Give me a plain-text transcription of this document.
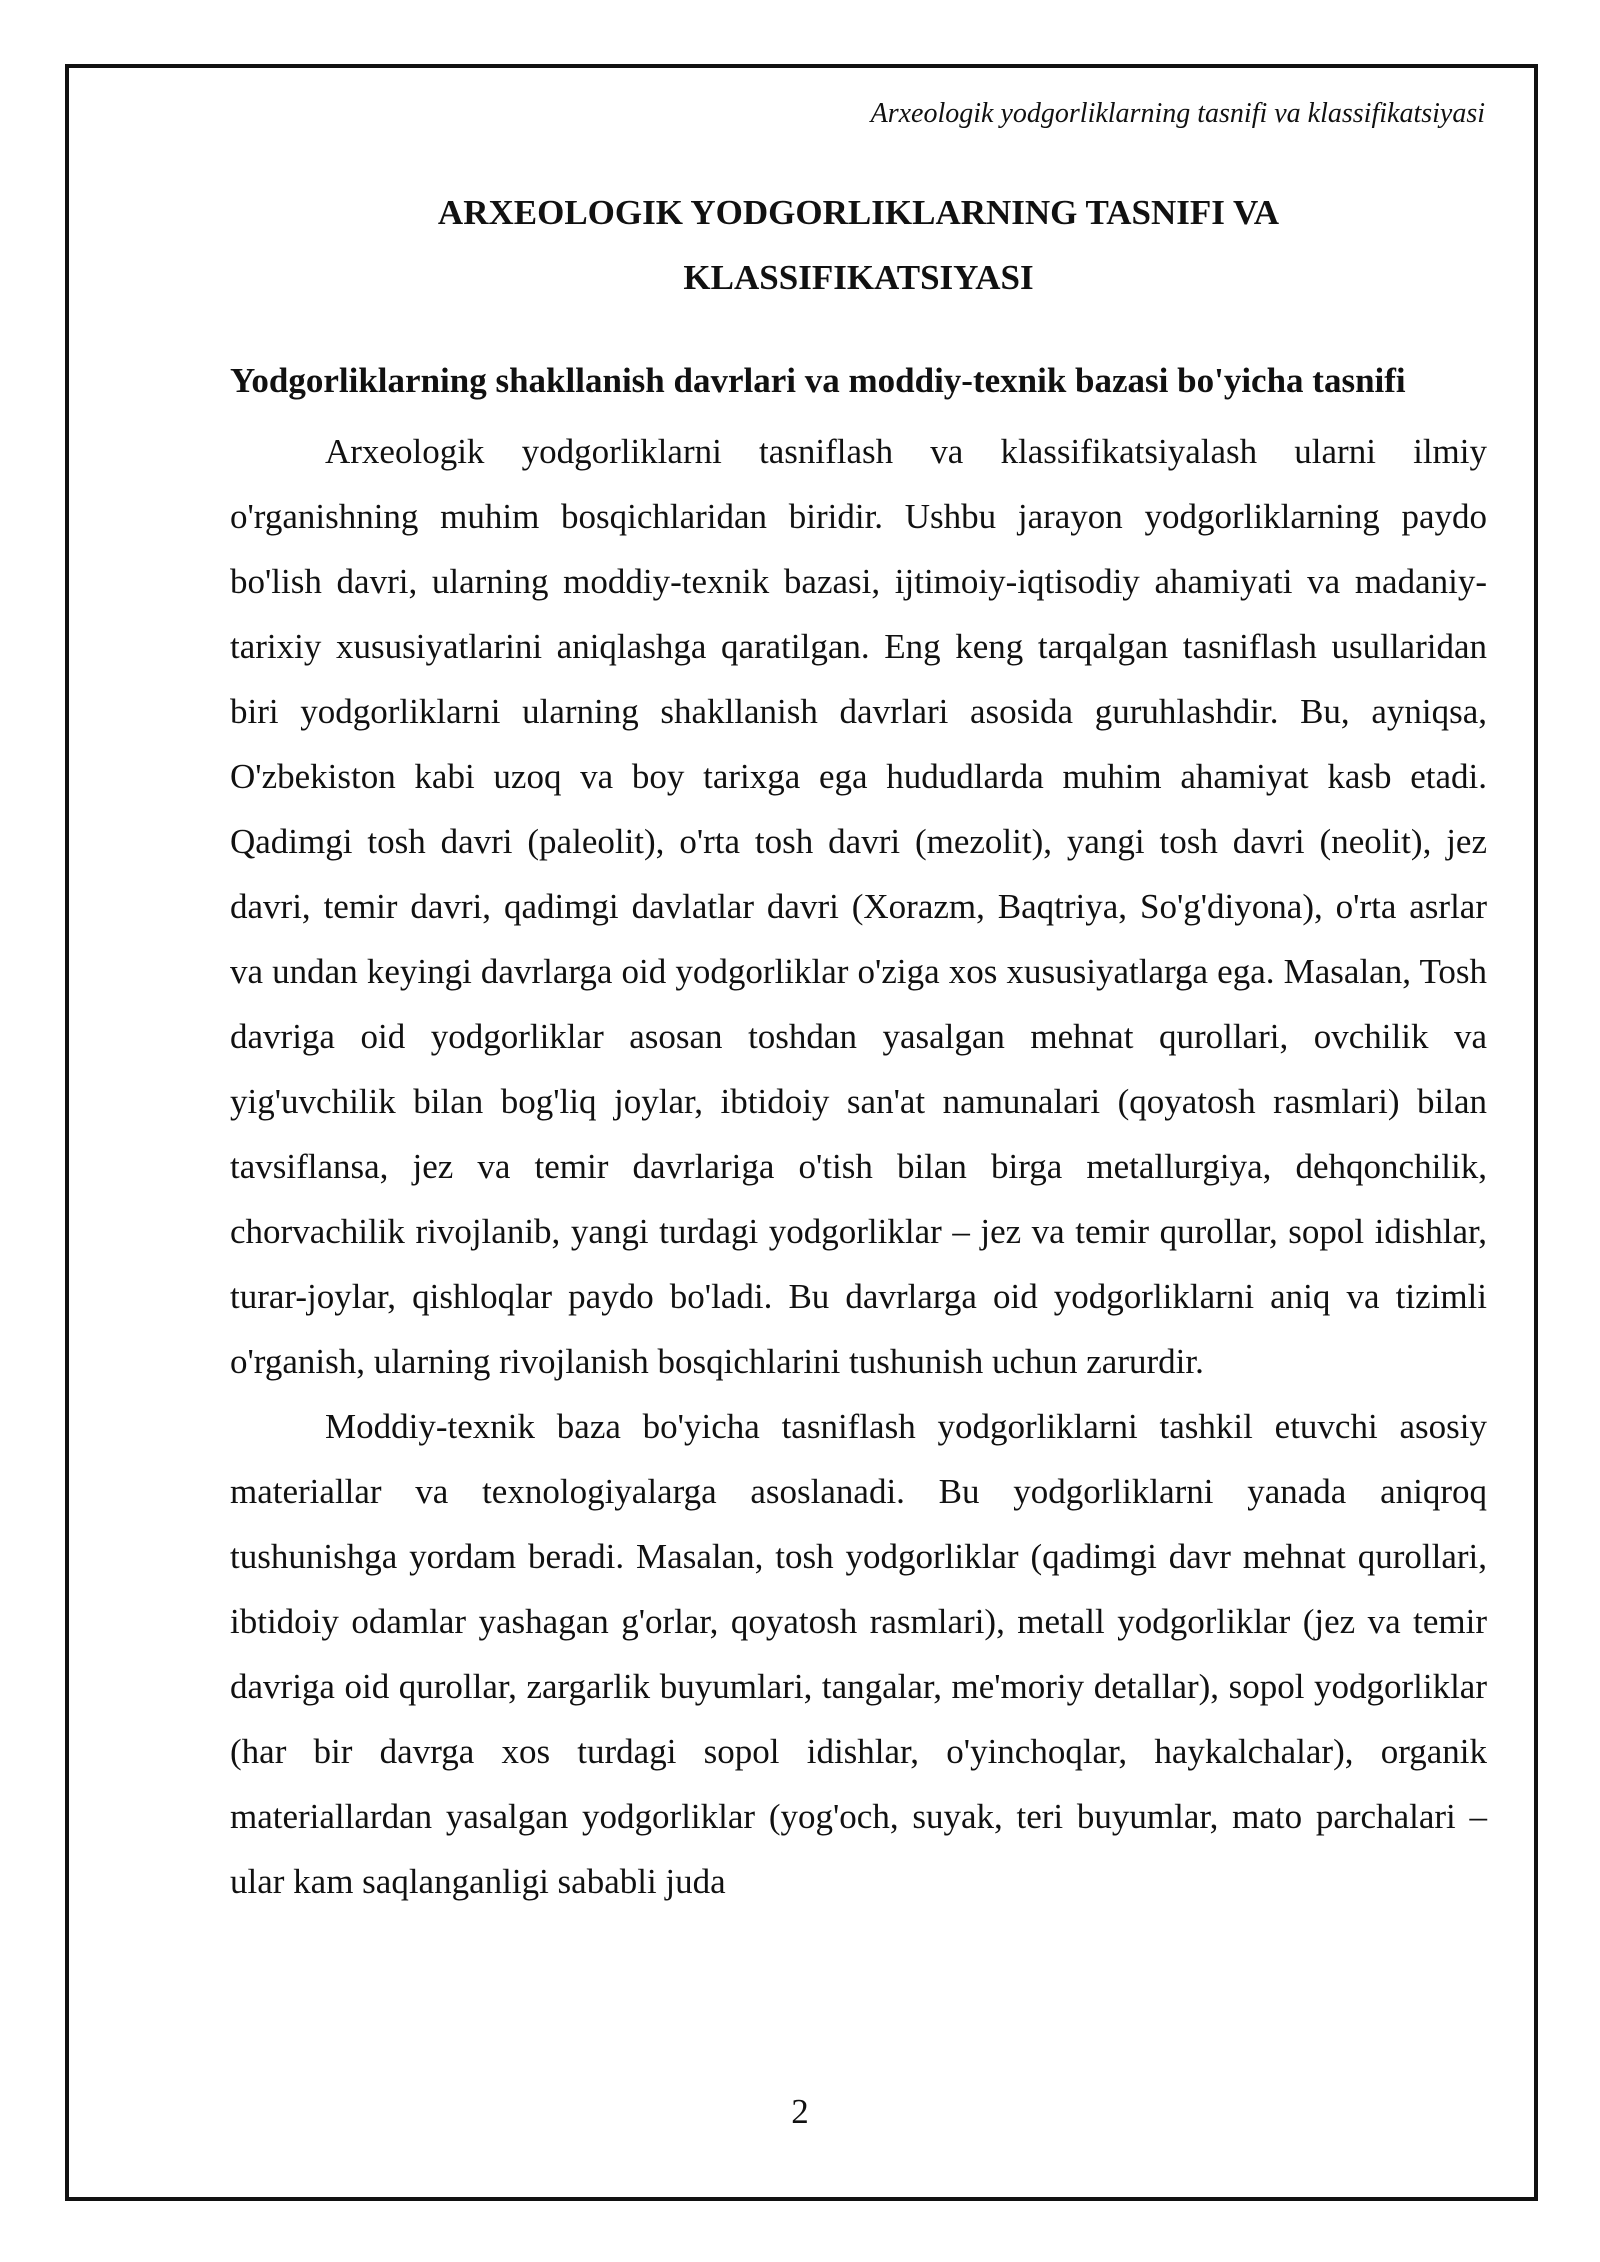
Arxeologik yodgorliklarning tasnifi va klassifikatsiyasi
ARXEOLOGIK YODGORLIKLARNING TASNIFI VA
KLASSIFIKATSIYASI
Yodgorliklarning shakllanish davrlari va moddiy-texnik bazasi bo'yicha tasnifi

Arxeologik yodgorliklarni tasniflash va klassifikatsiyalash ularni ilmiy o'rganishning muhim bosqichlaridan biridir. Ushbu jarayon yodgorliklarning paydo bo'lish davri, ularning moddiy-texnik bazasi, ijtimoiy-iqtisodiy ahamiyati va madaniy-tarixiy xususiyatlarini aniqlashga qaratilgan. Eng keng tarqalgan tasniflash usullaridan biri yodgorliklarni ularning shakllanish davrlari asosida guruhlashdir. Bu, ayniqsa, O'zbekiston kabi uzoq va boy tarixga ega hududlarda muhim ahamiyat kasb etadi. Qadimgi tosh davri (paleolit), o'rta tosh davri (mezolit), yangi tosh davri (neolit), jez davri, temir davri, qadimgi davlatlar davri (Xorazm, Baqtriya, So'g'diyona), o'rta asrlar va undan keyingi davrlarga oid yodgorliklar o'ziga xos xususiyatlarga ega. Masalan, Tosh davriga oid yodgorliklar asosan toshdan yasalgan mehnat qurollari, ovchilik va yig'uvchilik bilan bog'liq joylar, ibtidoiy san'at namunalari (qoyatosh rasmlari) bilan tavsiflansa, jez va temir davrlariga o'tish bilan birga metallurgiya, dehqonchilik, chorvachilik rivojlanib, yangi turdagi yodgorliklar – jez va temir qurollar, sopol idishlar, turar-joylar, qishloqlar paydo bo'ladi. Bu davrlarga oid yodgorliklarni aniq va tizimli o'rganish, ularning rivojlanish bosqichlarini tushunish uchun zarurdir.

Moddiy-texnik baza bo'yicha tasniflash yodgorliklarni tashkil etuvchi asosiy materiallar va texnologiyalarga asoslanadi. Bu yodgorliklarni yanada aniqroq tushunishga yordam beradi. Masalan, tosh yodgorliklar (qadimgi davr mehnat qurollari, ibtidoiy odamlar yashagan g'orlar, qoyatosh rasmlari), metall yodgorliklar (jez va temir davriga oid qurollar, zargarlik buyumlari, tangalar, me'moriy detallar), sopol yodgorliklar (har bir davrga xos turdagi sopol idishlar, o'yinchoqlar, haykalchalar), organik materiallardan yasalgan yodgorliklar (yog'och, suyak, teri buyumlar, mato parchalari – ular kam saqlanganligi sababli juda

2
